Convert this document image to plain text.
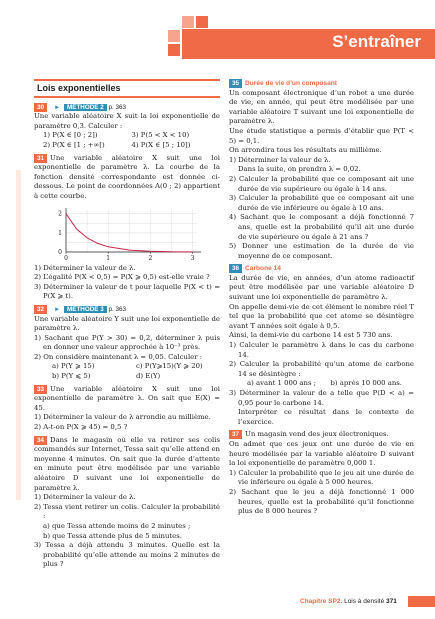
S’entraîner
Lois exponentielles

30 ► MÉTHODE 2 p. 363

Une variable aléatoire X suit la loi exponentielle de paramètre 0,3. Calculer :

1) P(X ∈ [0 ; 2])	3) P(5 < X < 10)
2) P(X ∈ [1 ; +∞[)	4) P(X ∈ [5 ; 10])

31 Une variable aléatoire X suit une loi exponentielle de paramètre λ. La courbe de la fonction densité correspondante est donnée ci-dessous. Le point de coordonnées A(0 ; 2) appartient à cette courbe.

0	1	2	3
0
1
2

1) Déterminer la valeur de λ.

2) L’égalité P(X < 0,5) = P(X ⩾ 0,5) est-elle vraie ?

3) Déterminer la valeur de t pour laquelle P(X < t) = P(X ⩾ t).

32 ► MÉTHODE 3 p. 363

Une variable aléatoire Y suit une loi exponentielle de paramètre λ.

1) Sachant que P(Y > 30) = 0,2, déterminer λ puis en donner une valeur approchée à 10⁻³ près.

2) On considère maintenant λ = 0,05. Calculer :

a) P(Y ⩾ 15)	c) P(Y⩾15)(Y ⩾ 20)
b) P(Y ⩽ 5)	d) E(Y)

33 Une variable aléatoire X suit une loi exponentielle de paramètre λ. On sait que E(X) = 45.

1) Déterminer la valeur de λ arrondie au millième.

2) A-t-on P(X ⩾ 45) = 0,5 ?

34 Dans le magasin où elle va retirer ses colis commandés sur Internet, Tessa sait qu’elle attend en moyenne 4 minutes. On sait que la durée d’attente en minute peut être modélisée par une variable aléatoire D suivant une loi exponentielle de paramètre λ.

1) Déterminer la valeur de λ.

2) Tessa vient retirer un colis. Calculer la probabilité :

a) que Tessa attende moins de 2 minutes ;

b) que Tessa attende plus de 5 minutes.

3) Tessa a déjà attendu 3 minutes. Quelle est la probabilité qu’elle attende au moins 2 minutes de plus ?

35 Durée de vie d’un composant

Un composant électronique d’un robot a une durée de vie, en année, qui peut être modélisée par une variable aléatoire T suivant une loi exponentielle de paramètre λ.

Une étude statistique a permis d’établir que P(T < 5) = 0,1.

On arrondira tous les résultats au millième.

1) Déterminer la valeur de λ.

Dans la suite, on prendra λ = 0,02.

2) Calculer la probabilité que ce composant ait une durée de vie supérieure ou égale à 14 ans.

3) Calculer la probabilité que ce composant ait une durée de vie inférieure ou égale à 10 ans.

4) Sachant que le composant a déjà fonctionné 7 ans, quelle est la probabilité qu’il ait une durée de vie supérieure ou égale à 21 ans ?

5) Donner une estimation de la durée de vie moyenne de ce composant.

36 Carbone 14

La durée de vie, en années, d’un atome radioactif peut être modélisée par une variable aléatoire D suivant une loi exponentielle de paramètre λ.

On appelle demi-vie de cet élément le nombre réel T tel que la probabilité que cet atome se désintègre avant T années soit égale à 0,5.

Ainsi, la demi-vie du carbone 14 est 5 730 ans.

1) Calculer le paramètre λ dans le cas du carbone 14.

2) Calculer la probabilité qu’un atome de carbone 14 se désintègre :

a) avant 1 000 ans ;	b) après 10 000 ans.

3) Déterminer la valeur de a telle que P(D < a) = 0,95 pour le carbone 14.

Interpréter ce résultat dans le contexte de l’exercice.

37 Un magasin vend des jeux électroniques.

On admet que ces jeux ont une durée de vie en heure modélisée par la variable aléatoire D suivant la loi exponentielle de paramètre 0,000 1.

1) Calculer la probabilité que le jeu ait une durée de vie inférieure ou égale à 5 000 heures.

2) Sachant que le jeu a déjà fonctionné 1 000 heures, quelle est la probabilité qu’il fonctionne plus de 8 000 heures ?

Chapitre SP2. Lois à densité 371
